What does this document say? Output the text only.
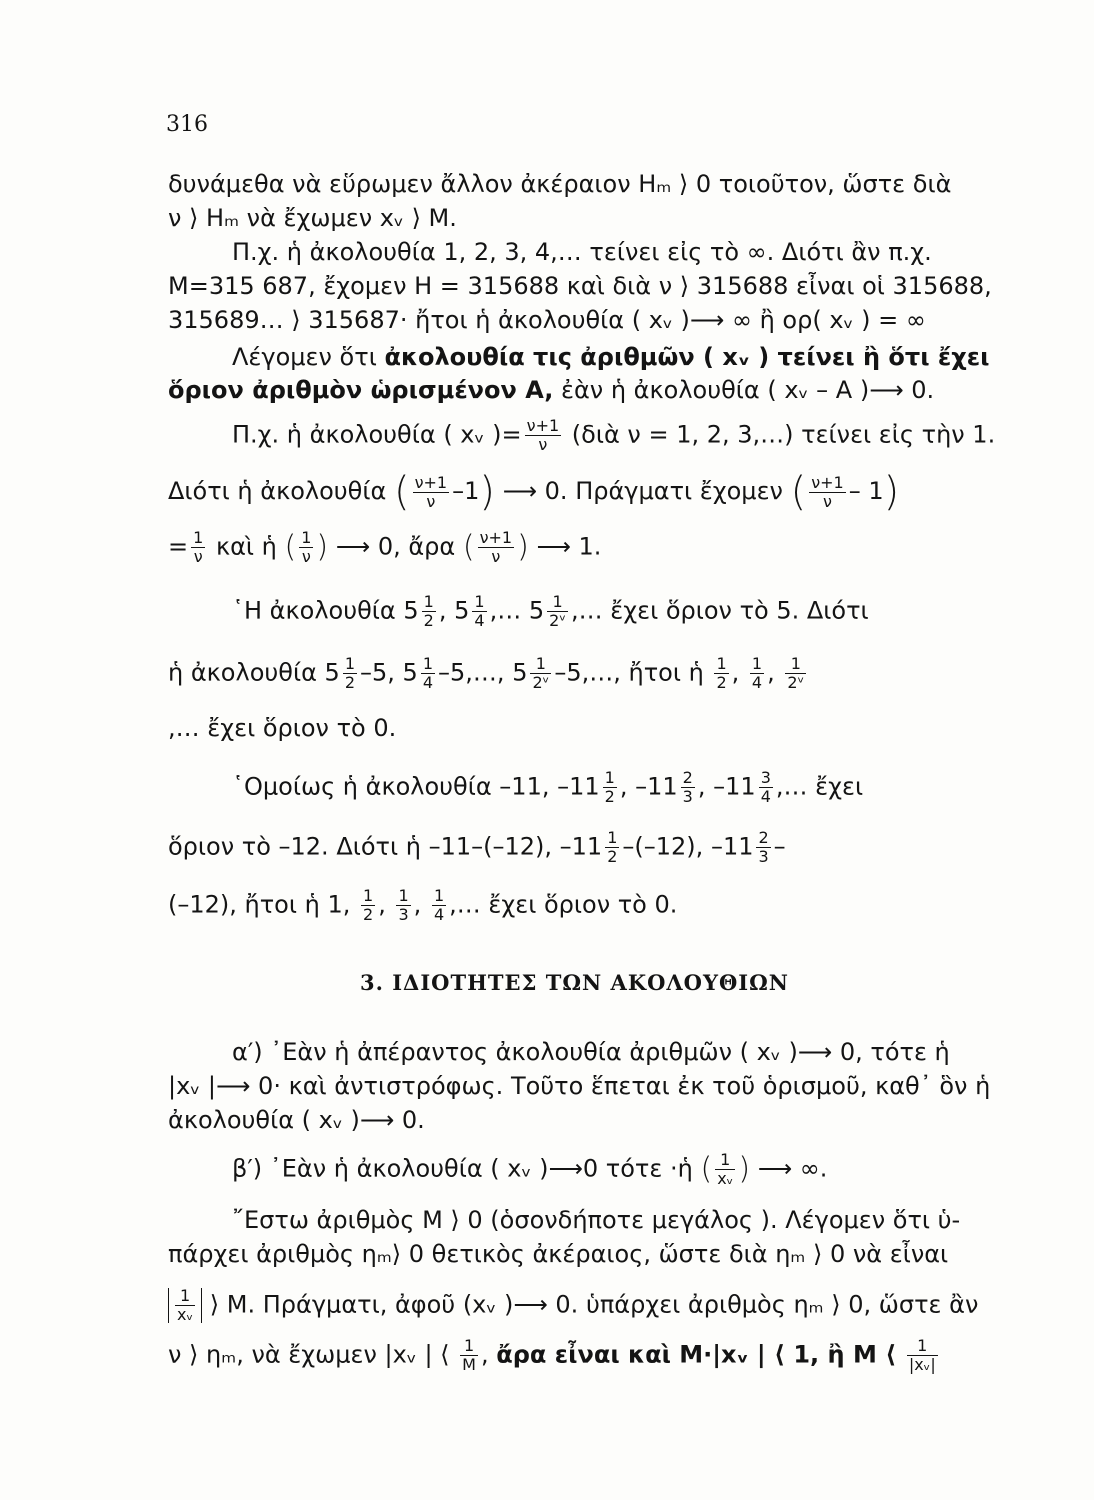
316
δυνάμεθα νὰ εὕρωμεν ἄλλον ἀκέραιον Hₘ ⟩ 0 τοιοῦτον, ὥστε διὰ
ν ⟩ Hₘ νὰ ἔχωμεν xᵥ ⟩ M.
Π.χ. ἡ ἀκολουθία 1, 2, 3, 4,… τείνει εἰς τὸ ∞. Διότι ἂν π.χ.
M=315 687, ἔχομεν H = 315688 καὶ διὰ ν ⟩ 315688 εἶναι οἱ 315688,
315689… ⟩ 315687· ἤτοι ἡ ἀκολουθία ( xᵥ )⟶ ∞ ἢ ορ( xᵥ ) = ∞
Λέγομεν ὅτι ἀκολουθία τις ἀριθμῶν ( xᵥ ) τείνει ἢ ὅτι ἔχει
ὅριον ἀριθμὸν ὡρισμένον A, ἐὰν ἡ ἀκολουθία ( xᵥ – A )⟶ 0.
Π.χ. ἡ ἀκολουθία ( xᵥ )= $\frac{\nu+1}{\nu}$ (διὰ ν = 1, 2, 3,…) τείνει εἰς τὴν 1.
Διότι ἡ ἀκολουθία ( $\frac{\nu+1}{\nu} -1$) ⟶ 0. Πράγματι ἔχομεν ( $\frac{\nu+1}{\nu} - 1$)
= $\frac{1}{\nu}$ καὶ ἡ ( $\frac{1}{\nu}$ ) ⟶ 0, ἄρα ( $\frac{\nu+1}{\nu}$ ) ⟶ 1.
῾Η ἀκολουθία $5 \frac{1}{2}$ , $5 \frac{1}{4}$ ,… $5 \frac{1}{\text{2ᵛ}}$ ,… ἔχει ὅριον τὸ 5. Διότι
ἡ ἀκολουθία $5 \frac{1}{2} -5$, $5 \frac{1}{4}$ –5,…, $5 \frac{1}{\text{2ᵛ}}$ –5,…, ἤτοι ἡ $\frac{1}{2}$ , $\frac{1}{4}$ , $\frac{1}{\text{2ᵛ}}$
,… ἔχει ὅριον τὸ 0.
῾Ομοίως ἡ ἀκολουθία –11, $-11 \frac{1}{2}$ , $-11 \frac{2}{3}$ , $-11 \frac{3}{4}$ ,… ἔχει
ὅριον τὸ –12. Διότι ἡ –11–(–12), $-11 \frac{1}{2} -(-12)$, $-11 \frac{2}{3}$ –
(–12), ἤτοι ἡ 1, $\frac{1}{2}$ , $\frac{1}{3}$ , $\frac{1}{4}$ ,… ἔχει ὅριον τὸ 0.
3. ΙΔΙΟΤΗΤΕΣ ΤΩΝ ΑΚΟΛΟΥΘΙΩΝ
α′) ᾿Εὰν ἡ ἀπέραντος ἀκολουθία ἀριθμῶν ( xᵥ )⟶ 0, τότε ἡ
|xᵥ |⟶ 0· καὶ ἀντιστρόφως. Τοῦτο ἕπεται ἐκ τοῦ ὁρισμοῦ, καθ᾽ ὃν ἡ
ἀκολουθία ( xᵥ )⟶ 0.
β′) ᾿Εὰν ἡ ἀκολουθία ( xᵥ )⟶0 τότε ·ἡ ( $\frac{1}{\text{xᵥ}}$ ) ⟶ ∞.
῎Εστω ἀριθμὸς M ⟩ 0 (ὁσονδήποτε μεγάλος ). Λέγομεν ὅτι ὑ-
πάρχει ἀριθμὸς ηₘ⟩ 0 θετικὸς ἀκέραιος, ὥστε διὰ ηₘ ⟩ 0 νὰ εἶναι
$\frac{1}{\text{xᵥ}}$ ⟩ M. Πράγματι, ἀφοῦ (xᵥ )⟶ 0. ὑπάρχει ἀριθμὸς ηₘ ⟩ 0, ὥστε ἂν
ν ⟩ ηₘ, νὰ ἔχωμεν |xᵥ | ⟨ $\frac{1}{M}$ , ἄρα εἶναι καὶ M·|xᵥ | ⟨ 1, ἢ M ⟨ $\frac{1}{\text{|xᵥ|}}$
